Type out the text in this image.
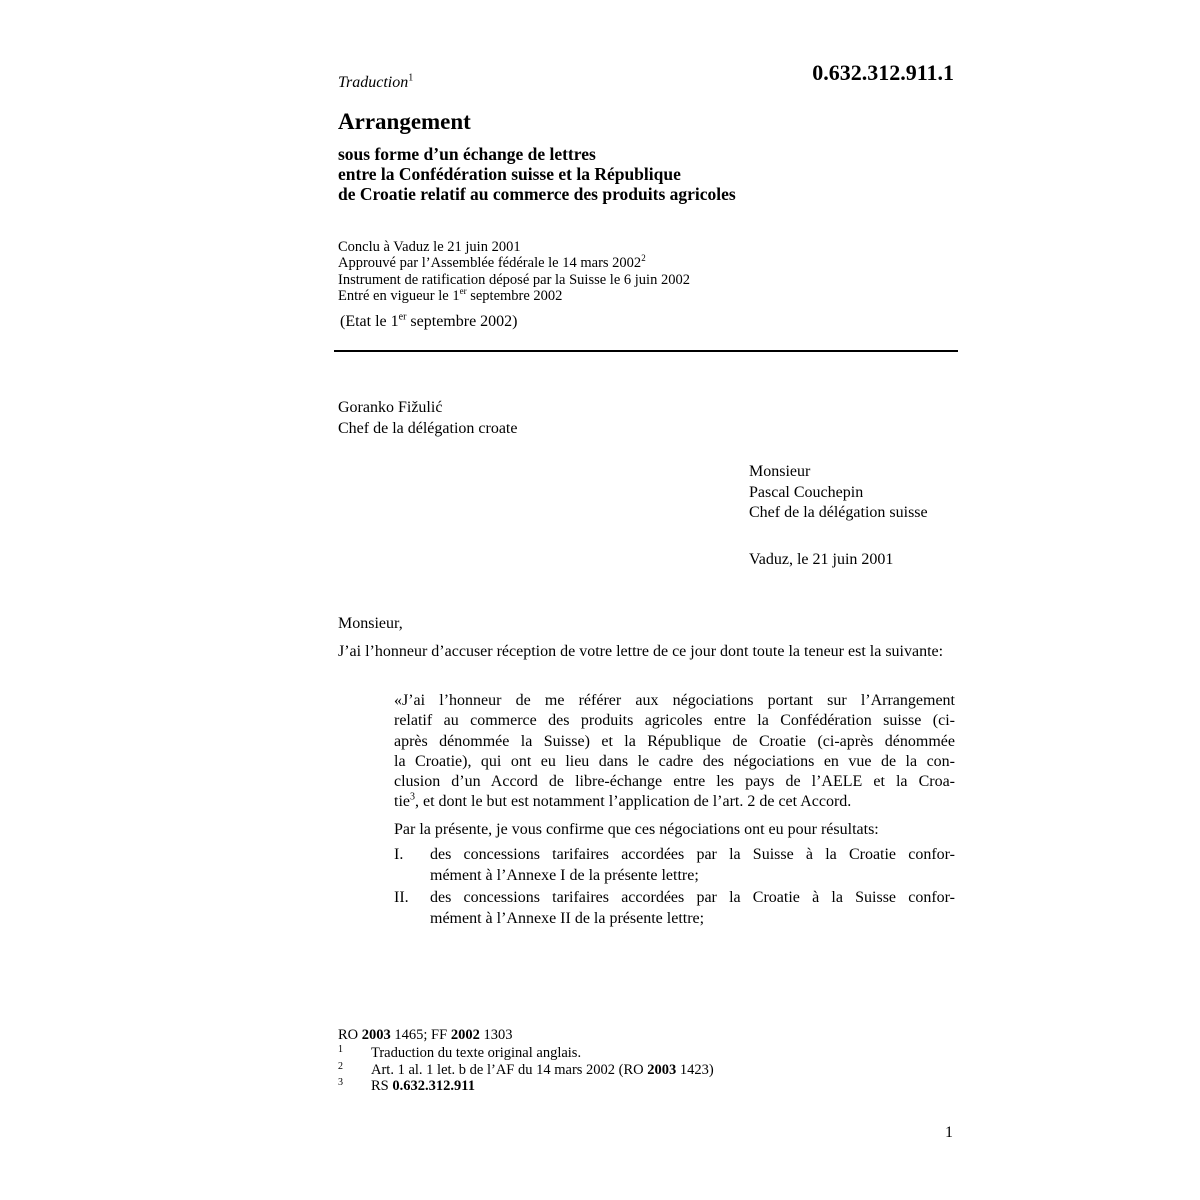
Traduction$^1$	0.632.312.911.1
Arrangement
sous forme d’un échange de lettres
entre la Confédération suisse et la République
de Croatie relatif au commerce des produits agricoles
Conclu à Vaduz le 21 juin 2001
Approuvé par l’Assemblée fédérale le 14 mars 2002$^2$
Instrument de ratification déposé par la Suisse le 6 juin 2002
Entré en vigueur le 1er septembre 2002
(Etat le 1er septembre 2002)
Goranko Fižulić
Chef de la délégation croate
Monsieur
Pascal Couchepin
Chef de la délégation suisse
Vaduz, le 21 juin 2001
Monsieur,
J’ai l’honneur d’accuser réception de votre lettre de ce jour dont toute la teneur est la suivante:
«J’ai l’honneur de me référer aux négociations portant sur l’Arrangement
relatif au commerce des produits agricoles entre la Confédération suisse (ci-
après dénommée la Suisse) et la République de Croatie (ci-après dénommée
la Croatie), qui ont eu lieu dans le cadre des négociations en vue de la con-
clusion d’un Accord de libre-échange entre les pays de l’AELE et la Croa-
tie$^3$, et dont le but est notamment l’application de l’art. 2 de cet Accord.
Par la présente, je vous confirme que ces négociations ont eu pour résultats:
I. des concessions tarifaires accordées par la Suisse à la Croatie confor-
mément à l’Annexe I de la présente lettre;
II. des concessions tarifaires accordées par la Croatie à la Suisse confor-
mément à l’Annexe II de la présente lettre;
RO 2003 1465; FF 2002 1303
1 Traduction du texte original anglais.
2 Art. 1 al. 1 let. b de l’AF du 14 mars 2002 (RO 2003 1423)
3 RS 0.632.312.911
1
